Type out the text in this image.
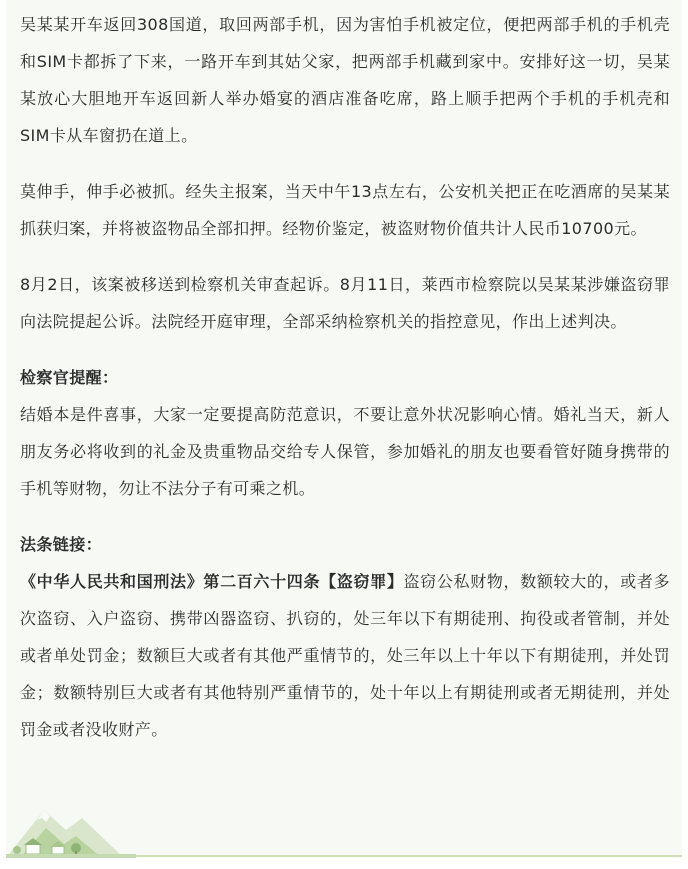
吴某某开车返回308国道，取回两部手机，因为害怕手机被定位，便把两部手机的手机壳和SIM卡都拆了下来，一路开车到其姑父家，把两部手机藏到家中。安排好这一切，吴某某放心大胆地开车返回新人举办婚宴的酒店准备吃席，路上顺手把两个手机的手机壳和SIM卡从车窗扔在道上。

莫伸手，伸手必被抓。经失主报案，当天中午13点左右，公安机关把正在吃酒席的吴某某抓获归案，并将被盗物品全部扣押。经物价鉴定，被盗财物价值共计人民币10700元。

8月2日，该案被移送到检察机关审查起诉。8月11日，莱西市检察院以吴某某涉嫌盗窃罪向法院提起公诉。法院经开庭审理，全部采纳检察机关的指控意见，作出上述判决。

检察官提醒：

结婚本是件喜事，大家一定要提高防范意识，不要让意外状况影响心情。婚礼当天，新人朋友务必将收到的礼金及贵重物品交给专人保管，参加婚礼的朋友也要看管好随身携带的手机等财物，勿让不法分子有可乘之机。

法条链接：

《中华人民共和国刑法》第二百六十四条【盗窃罪】盗窃公私财物，数额较大的，或者多次盗窃、入户盗窃、携带凶器盗窃、扒窃的，处三年以下有期徒刑、拘役或者管制，并处或者单处罚金；数额巨大或者有其他严重情节的，处三年以上十年以下有期徒刑，并处罚金；数额特别巨大或者有其他特别严重情节的，处十年以上有期徒刑或者无期徒刑，并处罚金或者没收财产。
